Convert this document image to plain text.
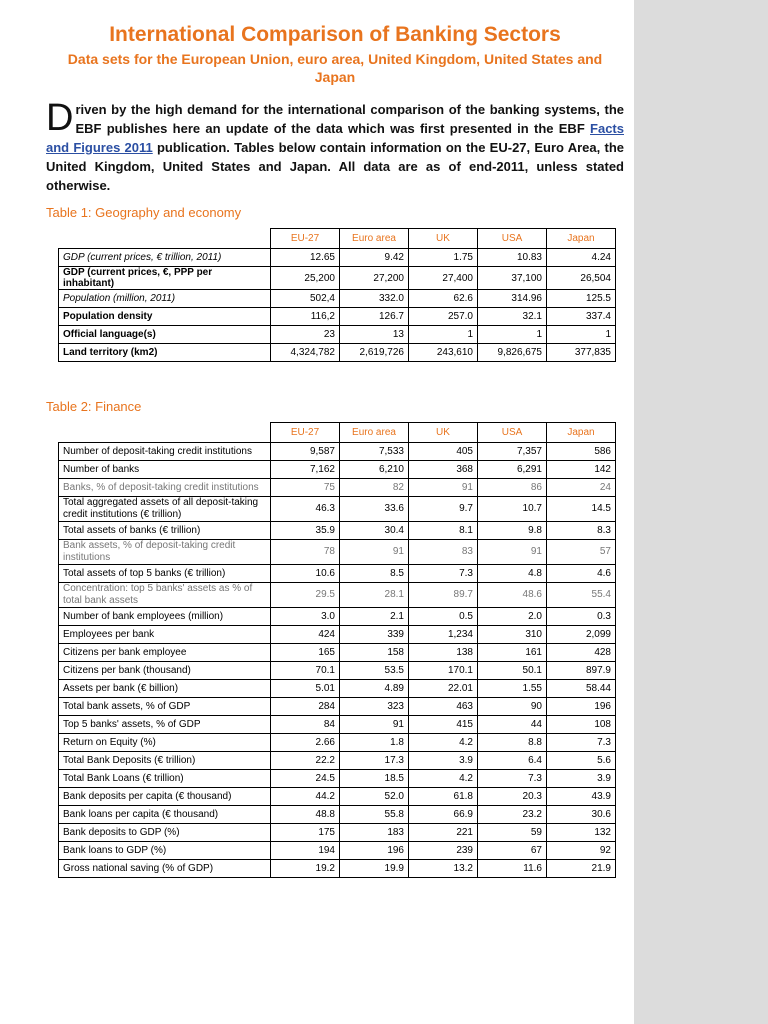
International Comparison of Banking Sectors
Data sets for the European Union, euro area, United Kingdom, United States and Japan

Driven by the high demand for the international comparison of the banking systems, the EBF publishes here an update of the data which was first presented in the EBF Facts and Figures 2011 publication. Tables below contain information on the EU-27, Euro Area, the United Kingdom, United States and Japan. All data are as of end-2011, unless stated otherwise.

Table 1: Geography and economy
	EU-27	Euro area	UK	USA	Japan
GDP (current prices, € trillion, 2011)	12.65	9.42	1.75	10.83	4.24
GDP (current prices, €, PPP per inhabitant)	25,200	27,200	27,400	37,100	26,504
Population (million, 2011)	502,4	332.0	62.6	314.96	125.5
Population density	116,2	126.7	257.0	32.1	337.4
Official language(s)	23	13	1	1	1
Land territory (km2)	4,324,782	2,619,726	243,610	9,826,675	377,835
Table 2: Finance
	EU-27	Euro area	UK	USA	Japan
Number of deposit-taking credit institutions	9,587	7,533	405	7,357	586
Number of banks	7,162	6,210	368	6,291	142
Banks, % of deposit-taking credit institutions	75	82	91	86	24
Total aggregated assets of all deposit-taking credit institutions (€ trillion)	46.3	33.6	9.7	10.7	14.5
Total assets of banks (€ trillion)	35.9	30.4	8.1	9.8	8.3
Bank assets, % of deposit-taking credit institutions	78	91	83	91	57
Total assets of top 5 banks (€ trillion)	10.6	8.5	7.3	4.8	4.6
Concentration: top 5 banks' assets as % of total bank assets	29.5	28.1	89.7	48.6	55.4
Number of bank employees (million)	3.0	2.1	0.5	2.0	0.3
Employees per bank	424	339	1,234	310	2,099
Citizens per bank employee	165	158	138	161	428
Citizens per bank (thousand)	70.1	53.5	170.1	50.1	897.9
Assets per bank (€ billion)	5.01	4.89	22.01	1.55	58.44
Total bank assets, % of GDP	284	323	463	90	196
Top 5 banks' assets, % of GDP	84	91	415	44	108
Return on Equity (%)	2.66	1.8	4.2	8.8	7.3
Total Bank Deposits (€ trillion)	22.2	17.3	3.9	6.4	5.6
Total Bank Loans (€ trillion)	24.5	18.5	4.2	7.3	3.9
Bank deposits per capita (€ thousand)	44.2	52.0	61.8	20.3	43.9
Bank loans per capita (€ thousand)	48.8	55.8	66.9	23.2	30.6
Bank deposits to GDP (%)	175	183	221	59	132
Bank loans to GDP (%)	194	196	239	67	92
Gross national saving (% of GDP)	19.2	19.9	13.2	11.6	21.9
